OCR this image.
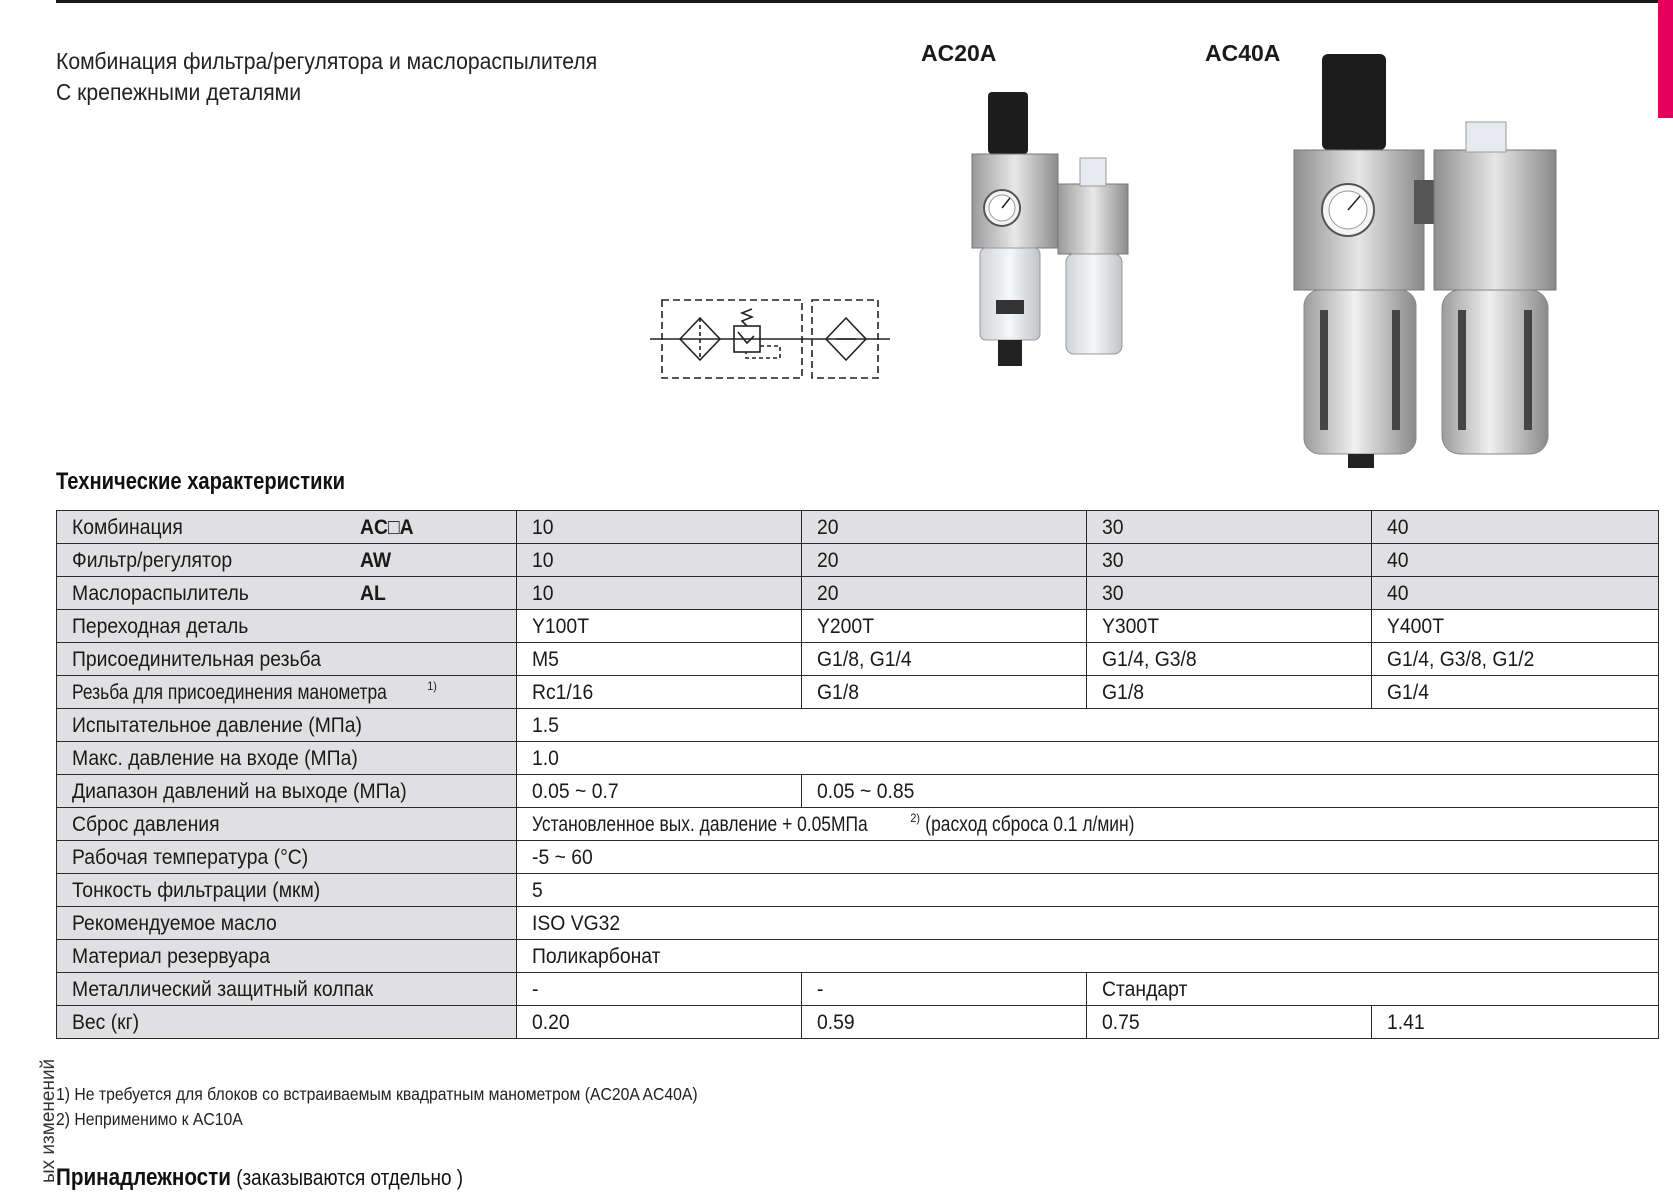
ых изменений
Комбинация фильтра/регулятора и маслораспылителя
С крепежными деталями
AC20A	AC40A
Технические характеристики
Комбинация AC□A	10	20	30	40

Фильтр/регулятор AW	10	20	30	40

Маслораспылитель AL	10	20	30	40
Переходная деталь	Y100T	Y200T	Y300T	Y400T
Присоединительная резьба	M5	G1/8, G1/4	G1/4, G3/8	G1/4, G3/8, G1/2
Резьба для присоединения манометра $^{1)}$	Rc1/16	G1/8	G1/8	G1/4
Испытательное давление (МПа)	1.5			
Макс. давление на входе (МПа)	1.0			
Диапазон давлений на выходе (МПа)	0.05 ~ 0.7	0.05 ~ 0.85		
Сброс давления	Установленное вых. давление + 0.05МПа $^{2)}$ (расход сброса 0.1 л/мин)			
Рабочая температура (°C)	-5 ~ 60			
Тонкость фильтрации (мкм)	5			
Рекомендуемое масло	ISO VG32			
Материал резервуара	Поликарбонат			
Металлический защитный колпак	-	-	Стандарт	
Вес (кг)	0.20	0.59	0.75	1.41
1) Не требуется для блоков со встраиваемым квадратным манометром (AC20A AC40A)
2) Неприменимо к AC10A
Принадлежности (заказываются отдельно )
